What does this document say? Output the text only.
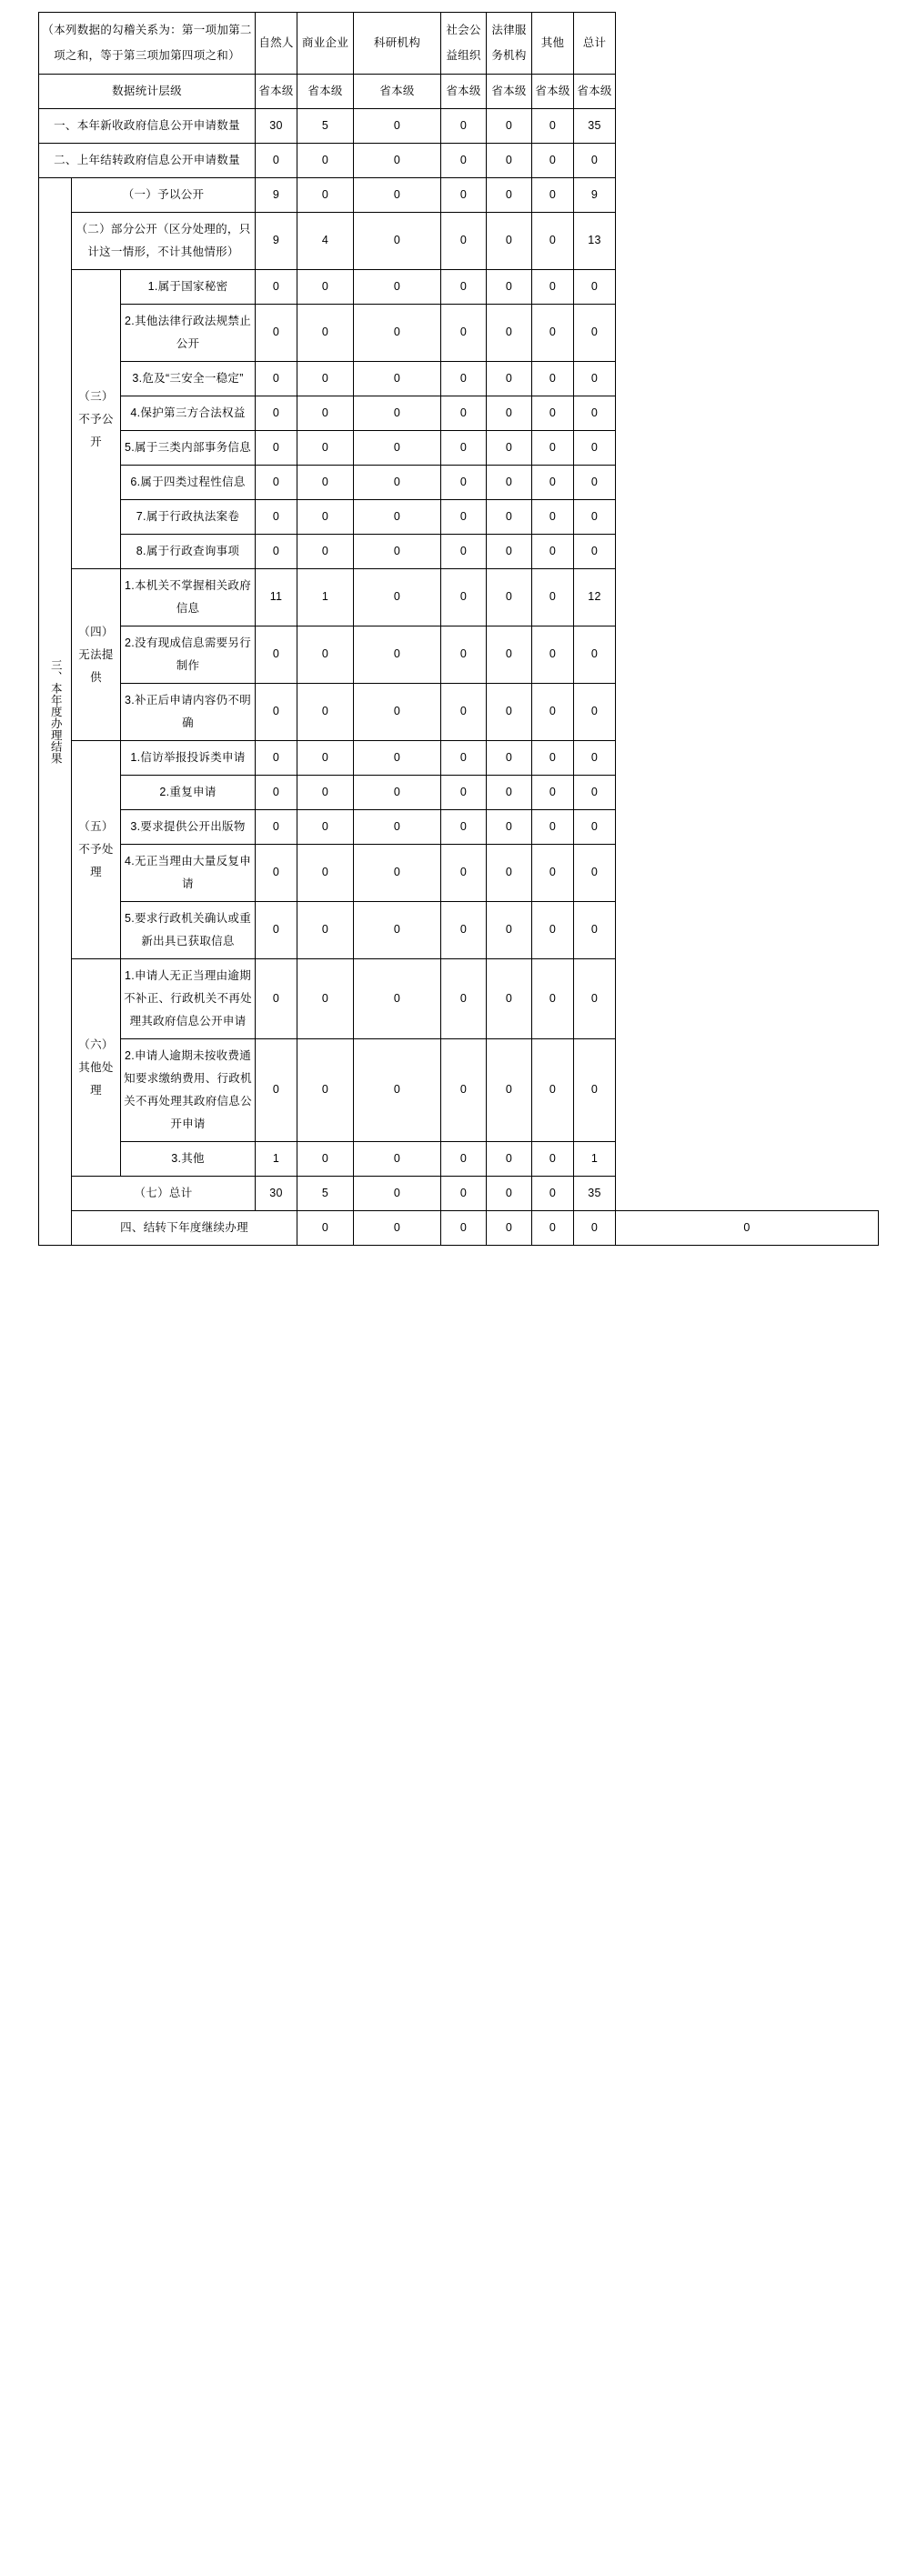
（本列数据的勾稽关系为：第一项加第二项之和，等于第三项加第四项之和）			自然人	商业企业	科研机构	社会公益组织	法律服务机构	其他	总计	
数据统计层级			省本级	省本级	省本级	省本级	省本级	省本级	省本级	
一、本年新收政府信息公开申请数量			30	5	0	0	0	0	35	
二、上年结转政府信息公开申请数量			0	0	0	0	0	0	0	
三、本年度办理结果	（一）予以公开		9	0	0	0	0	0	9	
	（二）部分公开（区分处理的，只计这一情形，不计其他情形）		9	4	0	0	0	0	13	
	（三）不予公开	1.属于国家秘密	0	0	0	0	0	0	0	
		2.其他法律行政法规禁止公开	0	0	0	0	0	0	0	
		3.危及“三安全一稳定”	0	0	0	0	0	0	0	
		4.保护第三方合法权益	0	0	0	0	0	0	0	
		5.属于三类内部事务信息	0	0	0	0	0	0	0	
		6.属于四类过程性信息	0	0	0	0	0	0	0	
		7.属于行政执法案卷	0	0	0	0	0	0	0	
		8.属于行政查询事项	0	0	0	0	0	0	0	
	（四）无法提供	1.本机关不掌握相关政府信息	11	1	0	0	0	0	12	
		2.没有现成信息需要另行制作	0	0	0	0	0	0	0	
		3.补正后申请内容仍不明确	0	0	0	0	0	0	0	
	（五）不予处理	1.信访举报投诉类申请	0	0	0	0	0	0	0	
		2.重复申请	0	0	0	0	0	0	0	
		3.要求提供公开出版物	0	0	0	0	0	0	0	
		4.无正当理由大量反复申请	0	0	0	0	0	0	0	
		5.要求行政机关确认或重新出具已获取信息	0	0	0	0	0	0	0	
	（六）其他处理	1.申请人无正当理由逾期不补正、行政机关不再处理其政府信息公开申请	0	0	0	0	0	0	0	
		2.申请人逾期未按收费通知要求缴纳费用、行政机关不再处理其政府信息公开申请	0	0	0	0	0	0	0	
		3.其他	1	0	0	0	0	0	1	
	（七）总计		30	5	0	0	0	0	35	
	四、结转下年度继续办理			0	0	0	0	0	0	0
